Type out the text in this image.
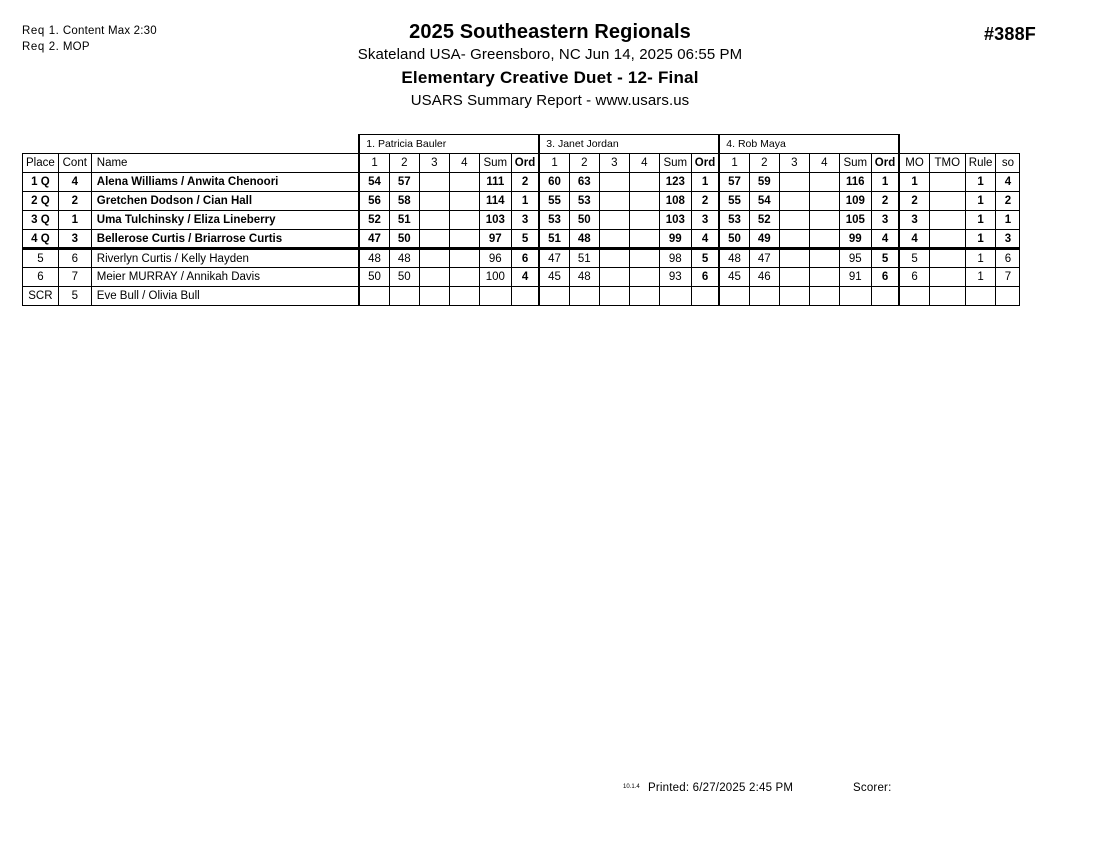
Req 1. Content Max 2:30
Req 2. MOP
#388F
2025 Southeastern Regionals
Skateland USA- Greensboro, NC Jun 14, 2025 06:55 PM
Elementary Creative Duet - 12- Final
USARS Summary Report - www.usars.us
			1. Patricia Bauler						3. Janet Jordan						4. Rob Maya									
Place	Cont	Name	1	2	3	4	Sum	Ord	1	2	3	4	Sum	Ord	1	2	3	4	Sum	Ord	MO	TMO	Rule	so
1 Q	4	Alena Williams / Anwita Chenoori	54	57			111	2	60	63			123	1	57	59			116	1	1		1	4
2 Q	2	Gretchen Dodson / Cian Hall	56	58			114	1	55	53			108	2	55	54			109	2	2		1	2
3 Q	1	Uma Tulchinsky / Eliza Lineberry	52	51			103	3	53	50			103	3	53	52			105	3	3		1	1
4 Q	3	Bellerose Curtis / Briarrose Curtis	47	50			97	5	51	48			99	4	50	49			99	4	4		1	3
5	6	Riverlyn Curtis / Kelly Hayden	48	48			96	6	47	51			98	5	48	47			95	5	5		1	6
6	7	Meier MURRAY / Annikah Davis	50	50			100	4	45	48			93	6	45	46			91	6	6		1	7
SCR	5	Eve Bull / Olivia Bull																						
10.1.4 Printed: 6/27/2025 2:45 PM	Scorer:
